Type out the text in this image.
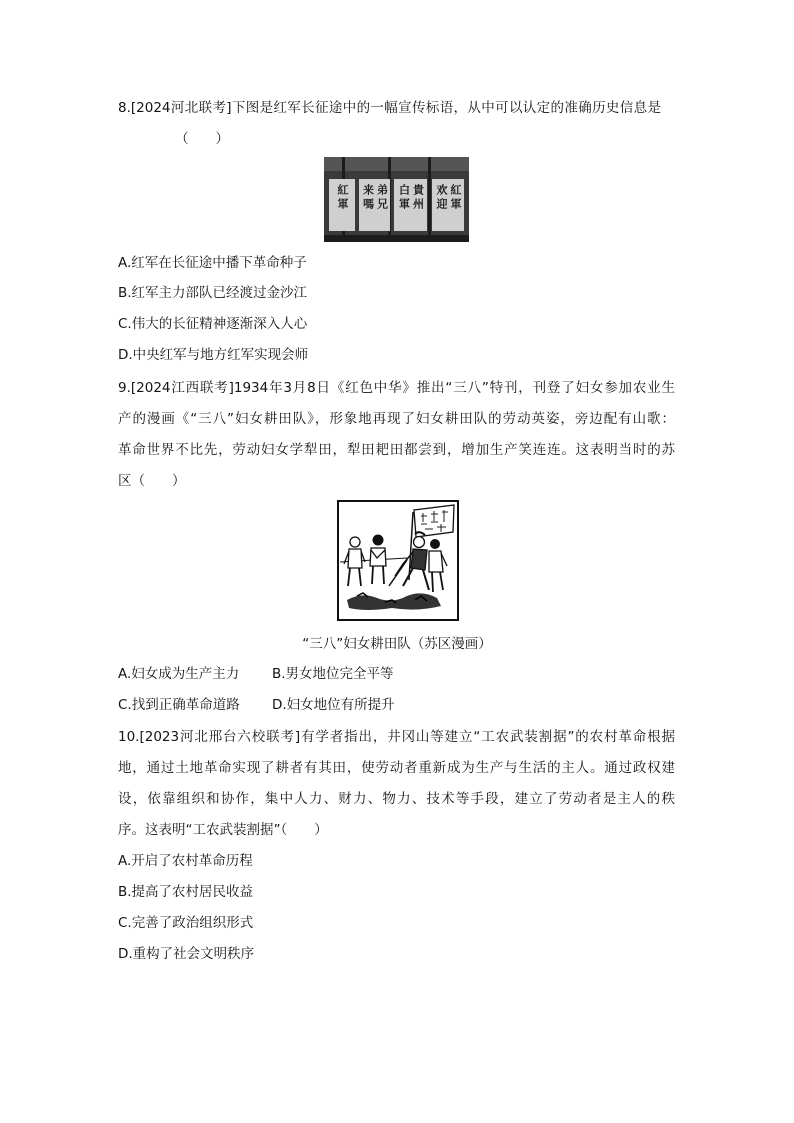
8.[2024河北联考]下图是红军长征途中的一幅宣传标语，从中可以认定的准确历史信息是
（　　）
紅軍 弟兄
来嗎	貴州
白軍	紅軍
欢迎
A.红军在长征途中播下革命种子
B.红军主力部队已经渡过金沙江
C.伟大的长征精神逐渐深入人心
D.中央红军与地方红军实现会师
9.[2024江西联考]1934年3月8日《红色中华》推出“三八”特刊，刊登了妇女参加农业生
产的漫画《“三八”妇女耕田队》，形象地再现了妇女耕田队的劳动英姿，旁边配有山歌：
革命世界不比先，劳动妇女学犁田，犁田耙田都尝到，增加生产笑连连。这表明当时的苏
区（　　）
“三八”妇女耕田队（苏区漫画）
A.妇女成为生产主力 B.男女地位完全平等
C.找到正确革命道路 D.妇女地位有所提升
10.[2023河北邢台六校联考]有学者指出，井冈山等建立“工农武装割据”的农村革命根据
地，通过土地革命实现了耕者有其田，使劳动者重新成为生产与生活的主人。通过政权建
设，依靠组织和协作，集中人力、财力、物力、技术等手段，建立了劳动者是主人的秩
序。这表明“工农武装割据”（　　）
A.开启了农村革命历程
B.提高了农村居民收益
C.完善了政治组织形式
D.重构了社会文明秩序
